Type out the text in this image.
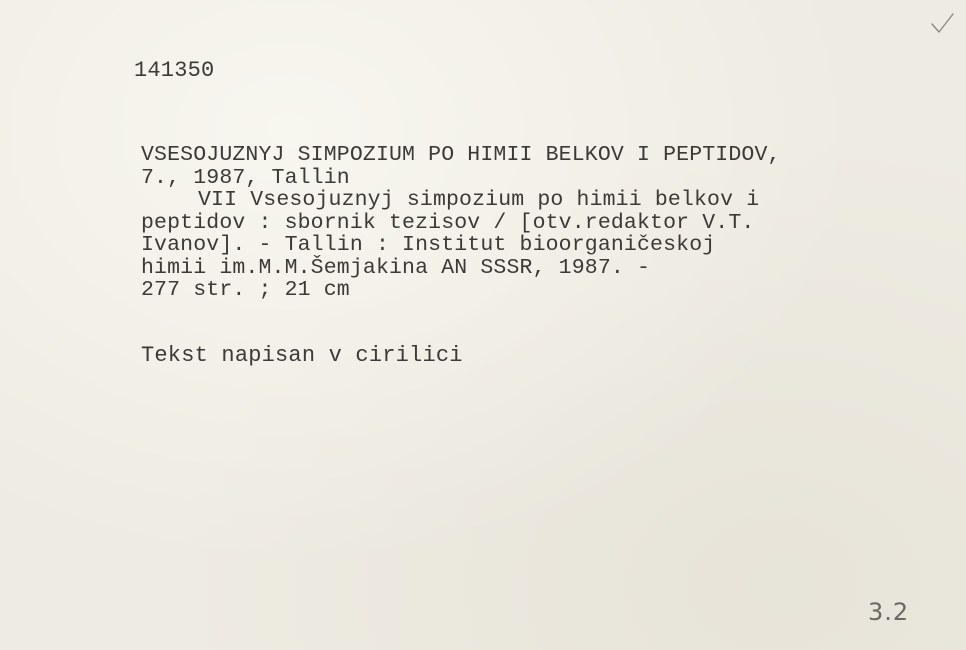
141350
VSESOJUZNYJ SIMPOZIUM PO HIMII BELKOV I PEPTIDOV,
7., 1987, Tallin
VII Vsesojuznyj simpozium po himii belkov i
peptidov : sbornik tezisov / [otv.redaktor V.T.
Ivanov]. - Tallin : Institut bioorganičeskoj
himii im.M.M.Šemjakina AN SSSR, 1987. -
277 str. ; 21 cm
Tekst napisan v cirilici
3.2
